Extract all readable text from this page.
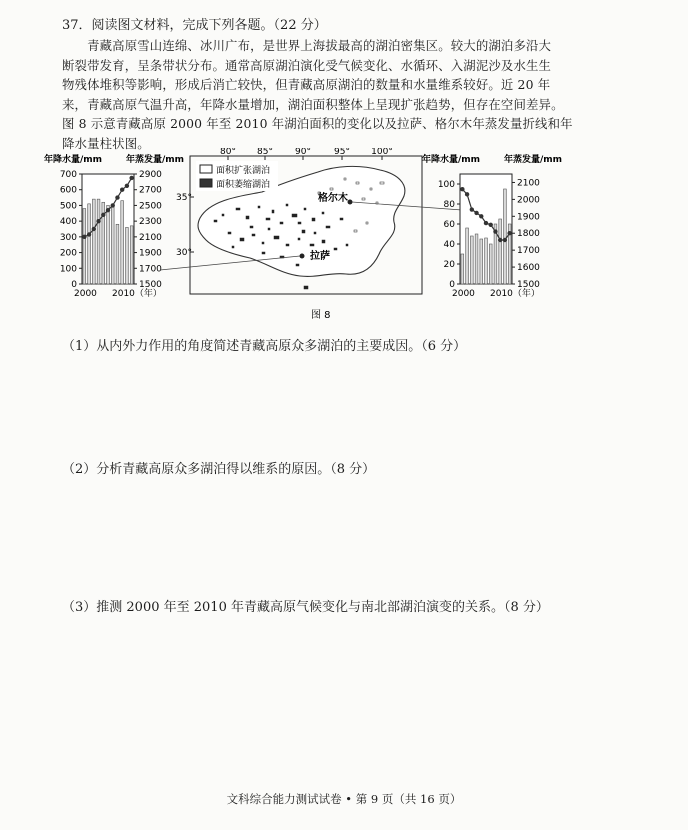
37．阅读图文材料，完成下列各题。（22 分）
　　青藏高原雪山连绵、冰川广布，是世界上海拔最高的湖泊密集区。较大的湖泊多沿大
断裂带发育，呈条带状分布。通常高原湖泊演化受气候变化、水循环、入湖泥沙及水生生
物残体堆积等影响，形成后消亡较快，但青藏高原湖泊的数量和水量维系较好。近 20 年
来，青藏高原气温升高，年降水量增加，湖泊面积整体上呈现扩张趋势，但存在空间差异。
图 8 示意青藏高原 2000 年至 2010 年湖泊面积的变化以及拉萨、格尔木年蒸发量折线和年
降水量柱状图。
年降水量/mm	年蒸发量/mm
700
600
500
400
300
200
100
0
2900
2700
2500
2300
2100
1900
1700
1500
2000 2010（年）
80° 85° 90°	95° 100°
35°
30°
面积扩张湖泊
面积萎缩湖泊
拉萨
格尔木
年降水量/mm	年蒸发量/mm
100
80
60
40
20
0
2100
2000
1900
1800
1700
1600
1500
2000 2010（年）
图 8
（1）从内外力作用的角度简述青藏高原众多湖泊的主要成因。（6 分）
（2）分析青藏高原众多湖泊得以维系的原因。（8 分）
（3）推测 2000 年至 2010 年青藏高原气候变化与南北部湖泊演变的关系。（8 分）
文科综合能力测试试卷 • 第 9 页（共 16 页）
